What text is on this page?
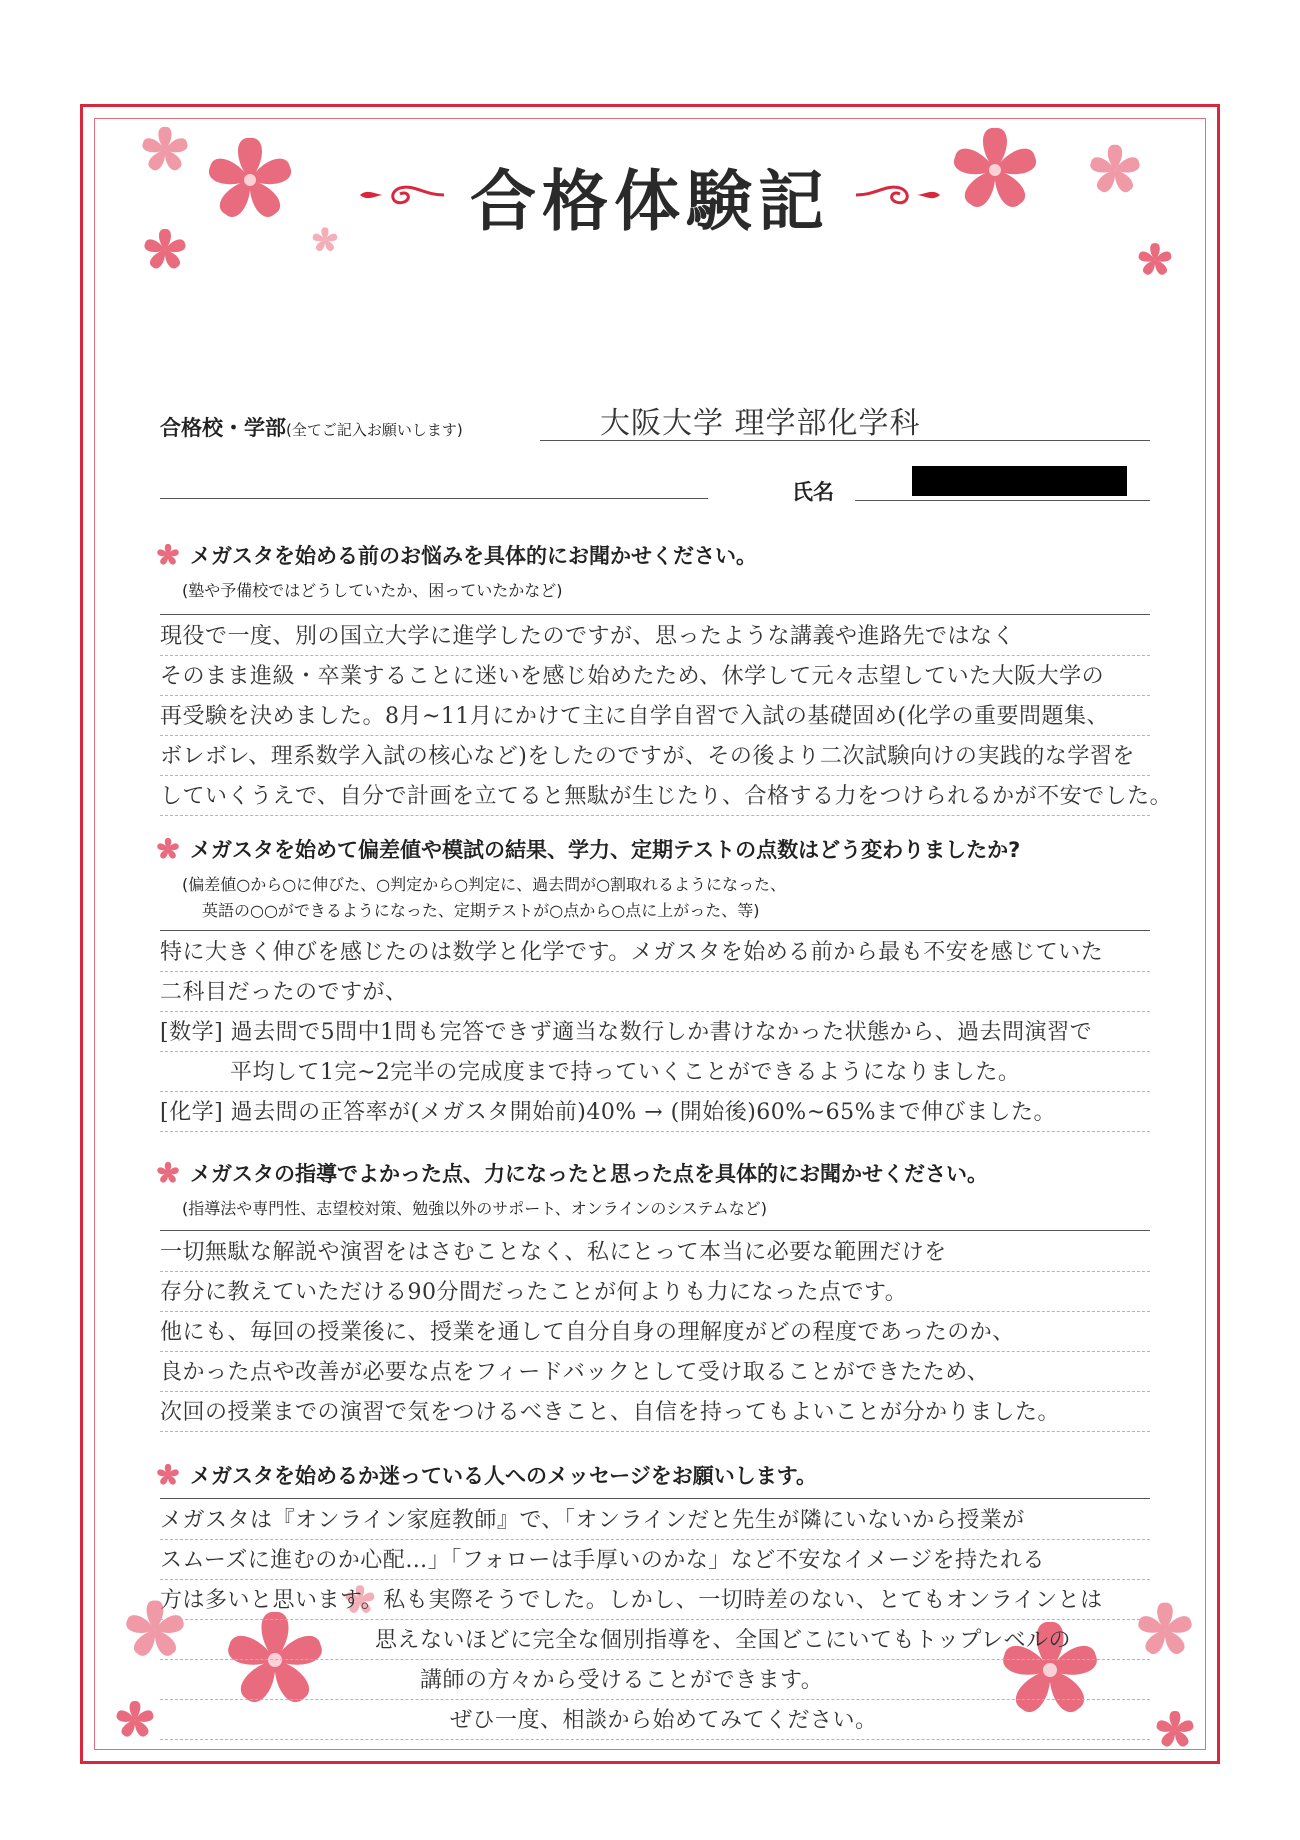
合格体験記
合格校・学部(全てご記入お願いします)	大阪大学 理学部化学科
氏名
メガスタを始める前のお悩みを具体的にお聞かせください。
(塾や予備校ではどうしていたか、困っていたかなど)
現役で一度、別の国立大学に進学したのですが、思ったような講義や進路先ではなく
そのまま進級・卒業することに迷いを感じ始めたため、休学して元々志望していた大阪大学の
再受験を決めました。8月~11月にかけて主に自学自習で入試の基礎固め(化学の重要問題集、
ボレボレ、理系数学入試の核心など)をしたのですが、その後より二次試験向けの実践的な学習を
していくうえで、自分で計画を立てると無駄が生じたり、合格する力をつけられるかが不安でした。
メガスタを始めて偏差値や模試の結果、学力、定期テストの点数はどう変わりましたか?
(偏差値○から○に伸びた、○判定から○判定に、過去問が○割取れるようになった、
英語の○○ができるようになった、定期テストが○点から○点に上がった、等)
特に大きく伸びを感じたのは数学と化学です。メガスタを始める前から最も不安を感じていた
二科目だったのですが、
[数学] 過去問で5問中1問も完答できず適当な数行しか書けなかった状態から、過去問演習で
平均して1完~2完半の完成度まで持っていくことができるようになりました。
[化学] 過去問の正答率が(メガスタ開始前)40% → (開始後)60%~65%まで伸びました。
メガスタの指導でよかった点、力になったと思った点を具体的にお聞かせください。
(指導法や専門性、志望校対策、勉強以外のサポート、オンラインのシステムなど)
一切無駄な解説や演習をはさむことなく、私にとって本当に必要な範囲だけを
存分に教えていただける90分間だったことが何よりも力になった点です。
他にも、毎回の授業後に、授業を通して自分自身の理解度がどの程度であったのか、
良かった点や改善が必要な点をフィードバックとして受け取ることができたため、
次回の授業までの演習で気をつけるべきこと、自信を持ってもよいことが分かりました。
メガスタを始めるか迷っている人へのメッセージをお願いします。
メガスタは『オンライン家庭教師』で、「オンラインだと先生が隣にいないから授業が
スムーズに進むのか心配…」「フォローは手厚いのかな」など不安なイメージを持たれる
方は多いと思います。私も実際そうでした。しかし、一切時差のない、とてもオンラインとは
思えないほどに完全な個別指導を、全国どこにいてもトップレベルの
講師の方々から受けることができます。
ぜひ一度、相談から始めてみてください。
